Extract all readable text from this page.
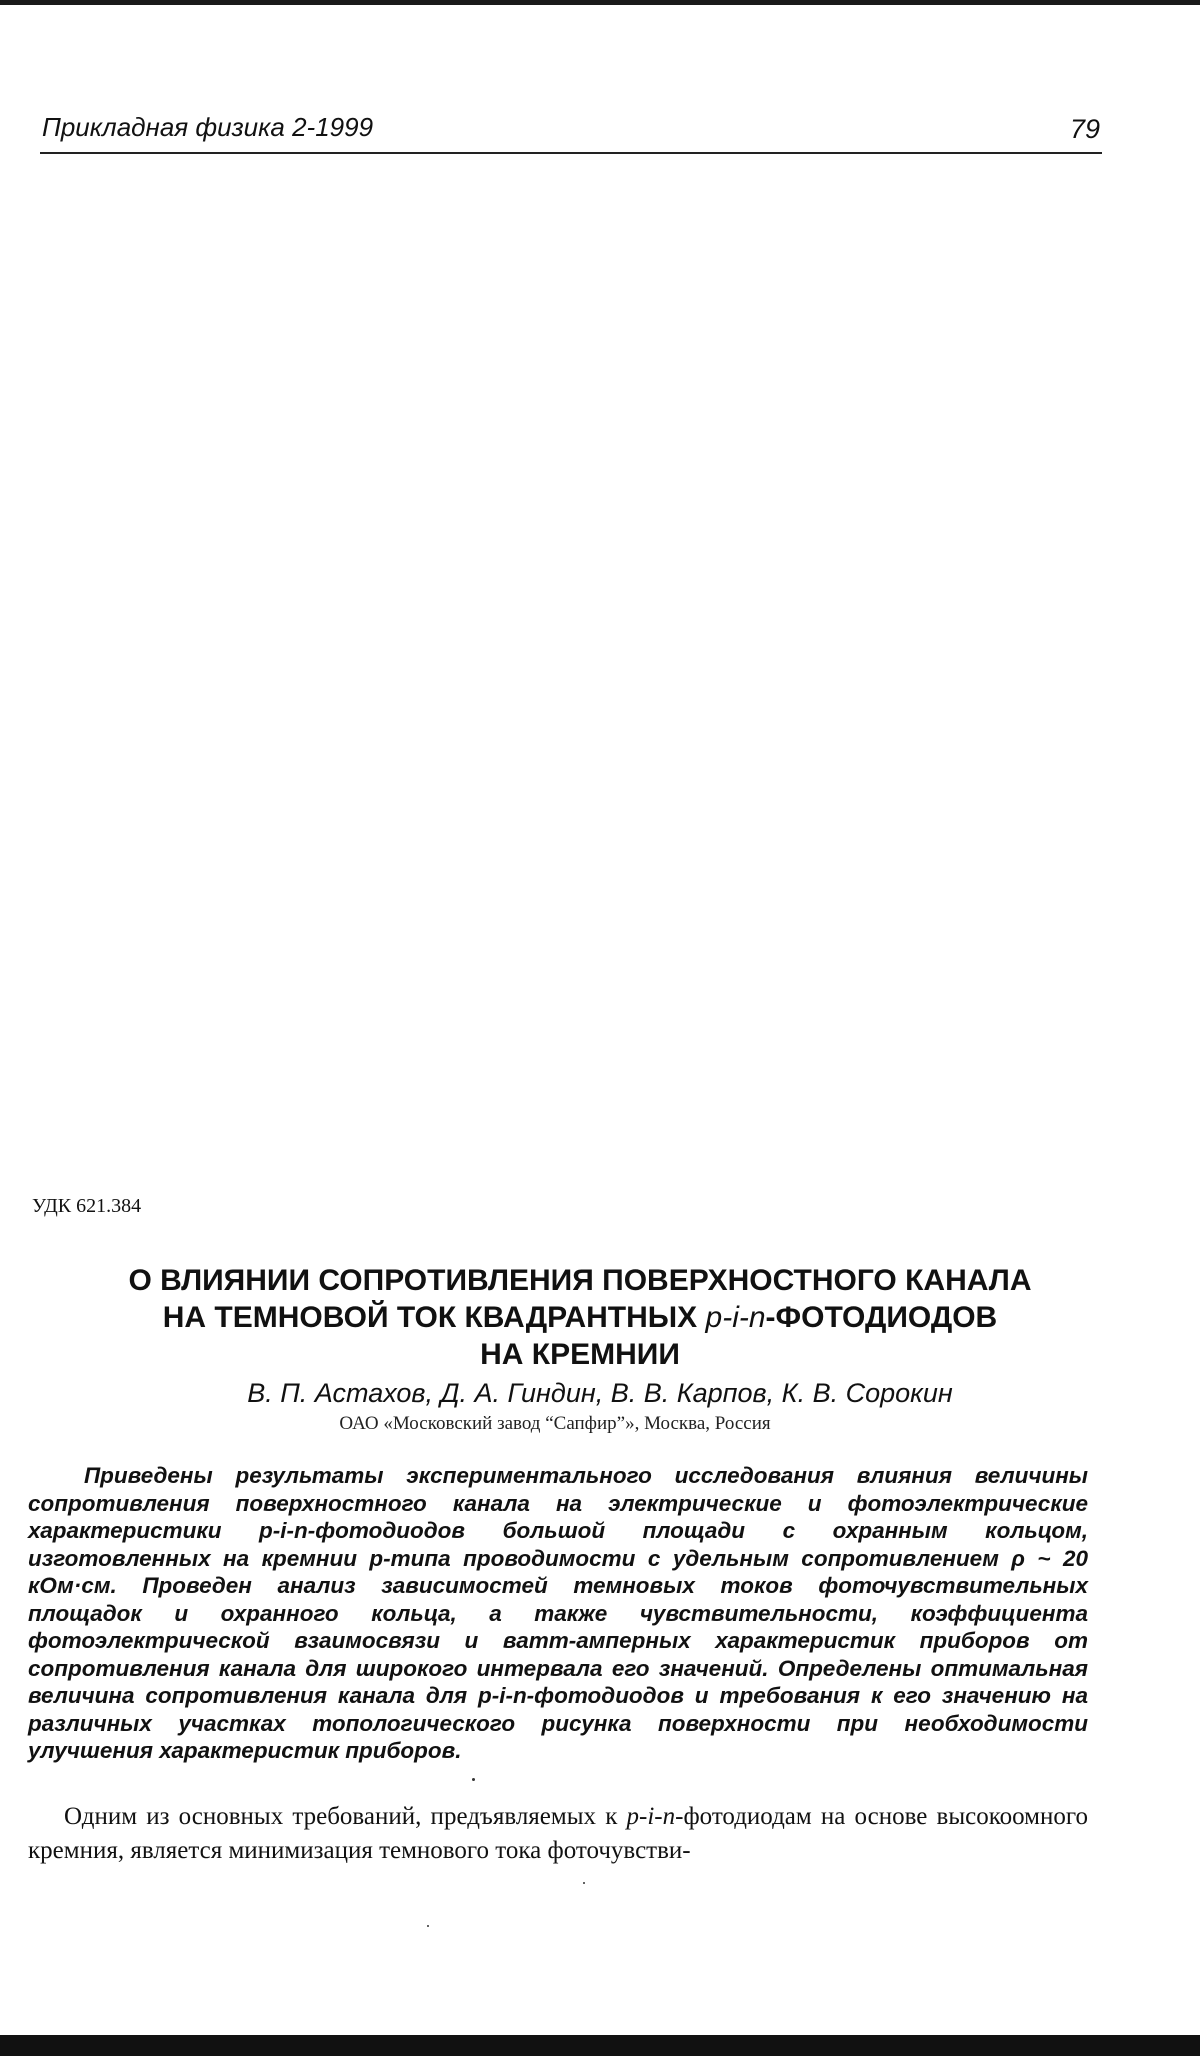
Прикладная физика 2-1999	79
УДК 621.384
О ВЛИЯНИИ СОПРОТИВЛЕНИЯ ПОВЕРХНОСТНОГО КАНАЛА
НА ТЕМНОВОЙ ТОК КВАДРАНТНЫХ p-i-n-ФОТОДИОДОВ
НА КРЕМНИИ
В. П. Астахов, Д. А. Гиндин, В. В. Карпов, К. В. Сорокин
ОАО «Московский завод “Сапфир”», Москва, Россия
Приведены результаты экспериментального исследования влияния величины сопротивления поверхностного канала на электрические и фотоэлектрические характеристики p-i-n-фотодиодов большой площади с охранным кольцом, изготовленных на кремнии p-типа проводимости с удельным сопротивлением ρ ~ 20 кОм·см. Проведен анализ зависимостей темновых токов фоточувствительных площадок и охранного кольца, а также чувствительности, коэффициента фотоэлектрической взаимосвязи и ватт-амперных характеристик приборов от сопротивления канала для широкого интервала его значений. Определены оптимальная величина сопротивления канала для p-i-n-фотодиодов и требования к его значению на различных участках топологического рисунка поверхности при необходимости улучшения характеристик приборов.
Одним из основных требований, предъявляемых к p-i-n-фотодиодам на основе высокоомного кремния, является минимизация темнового тока фоточувстви-
